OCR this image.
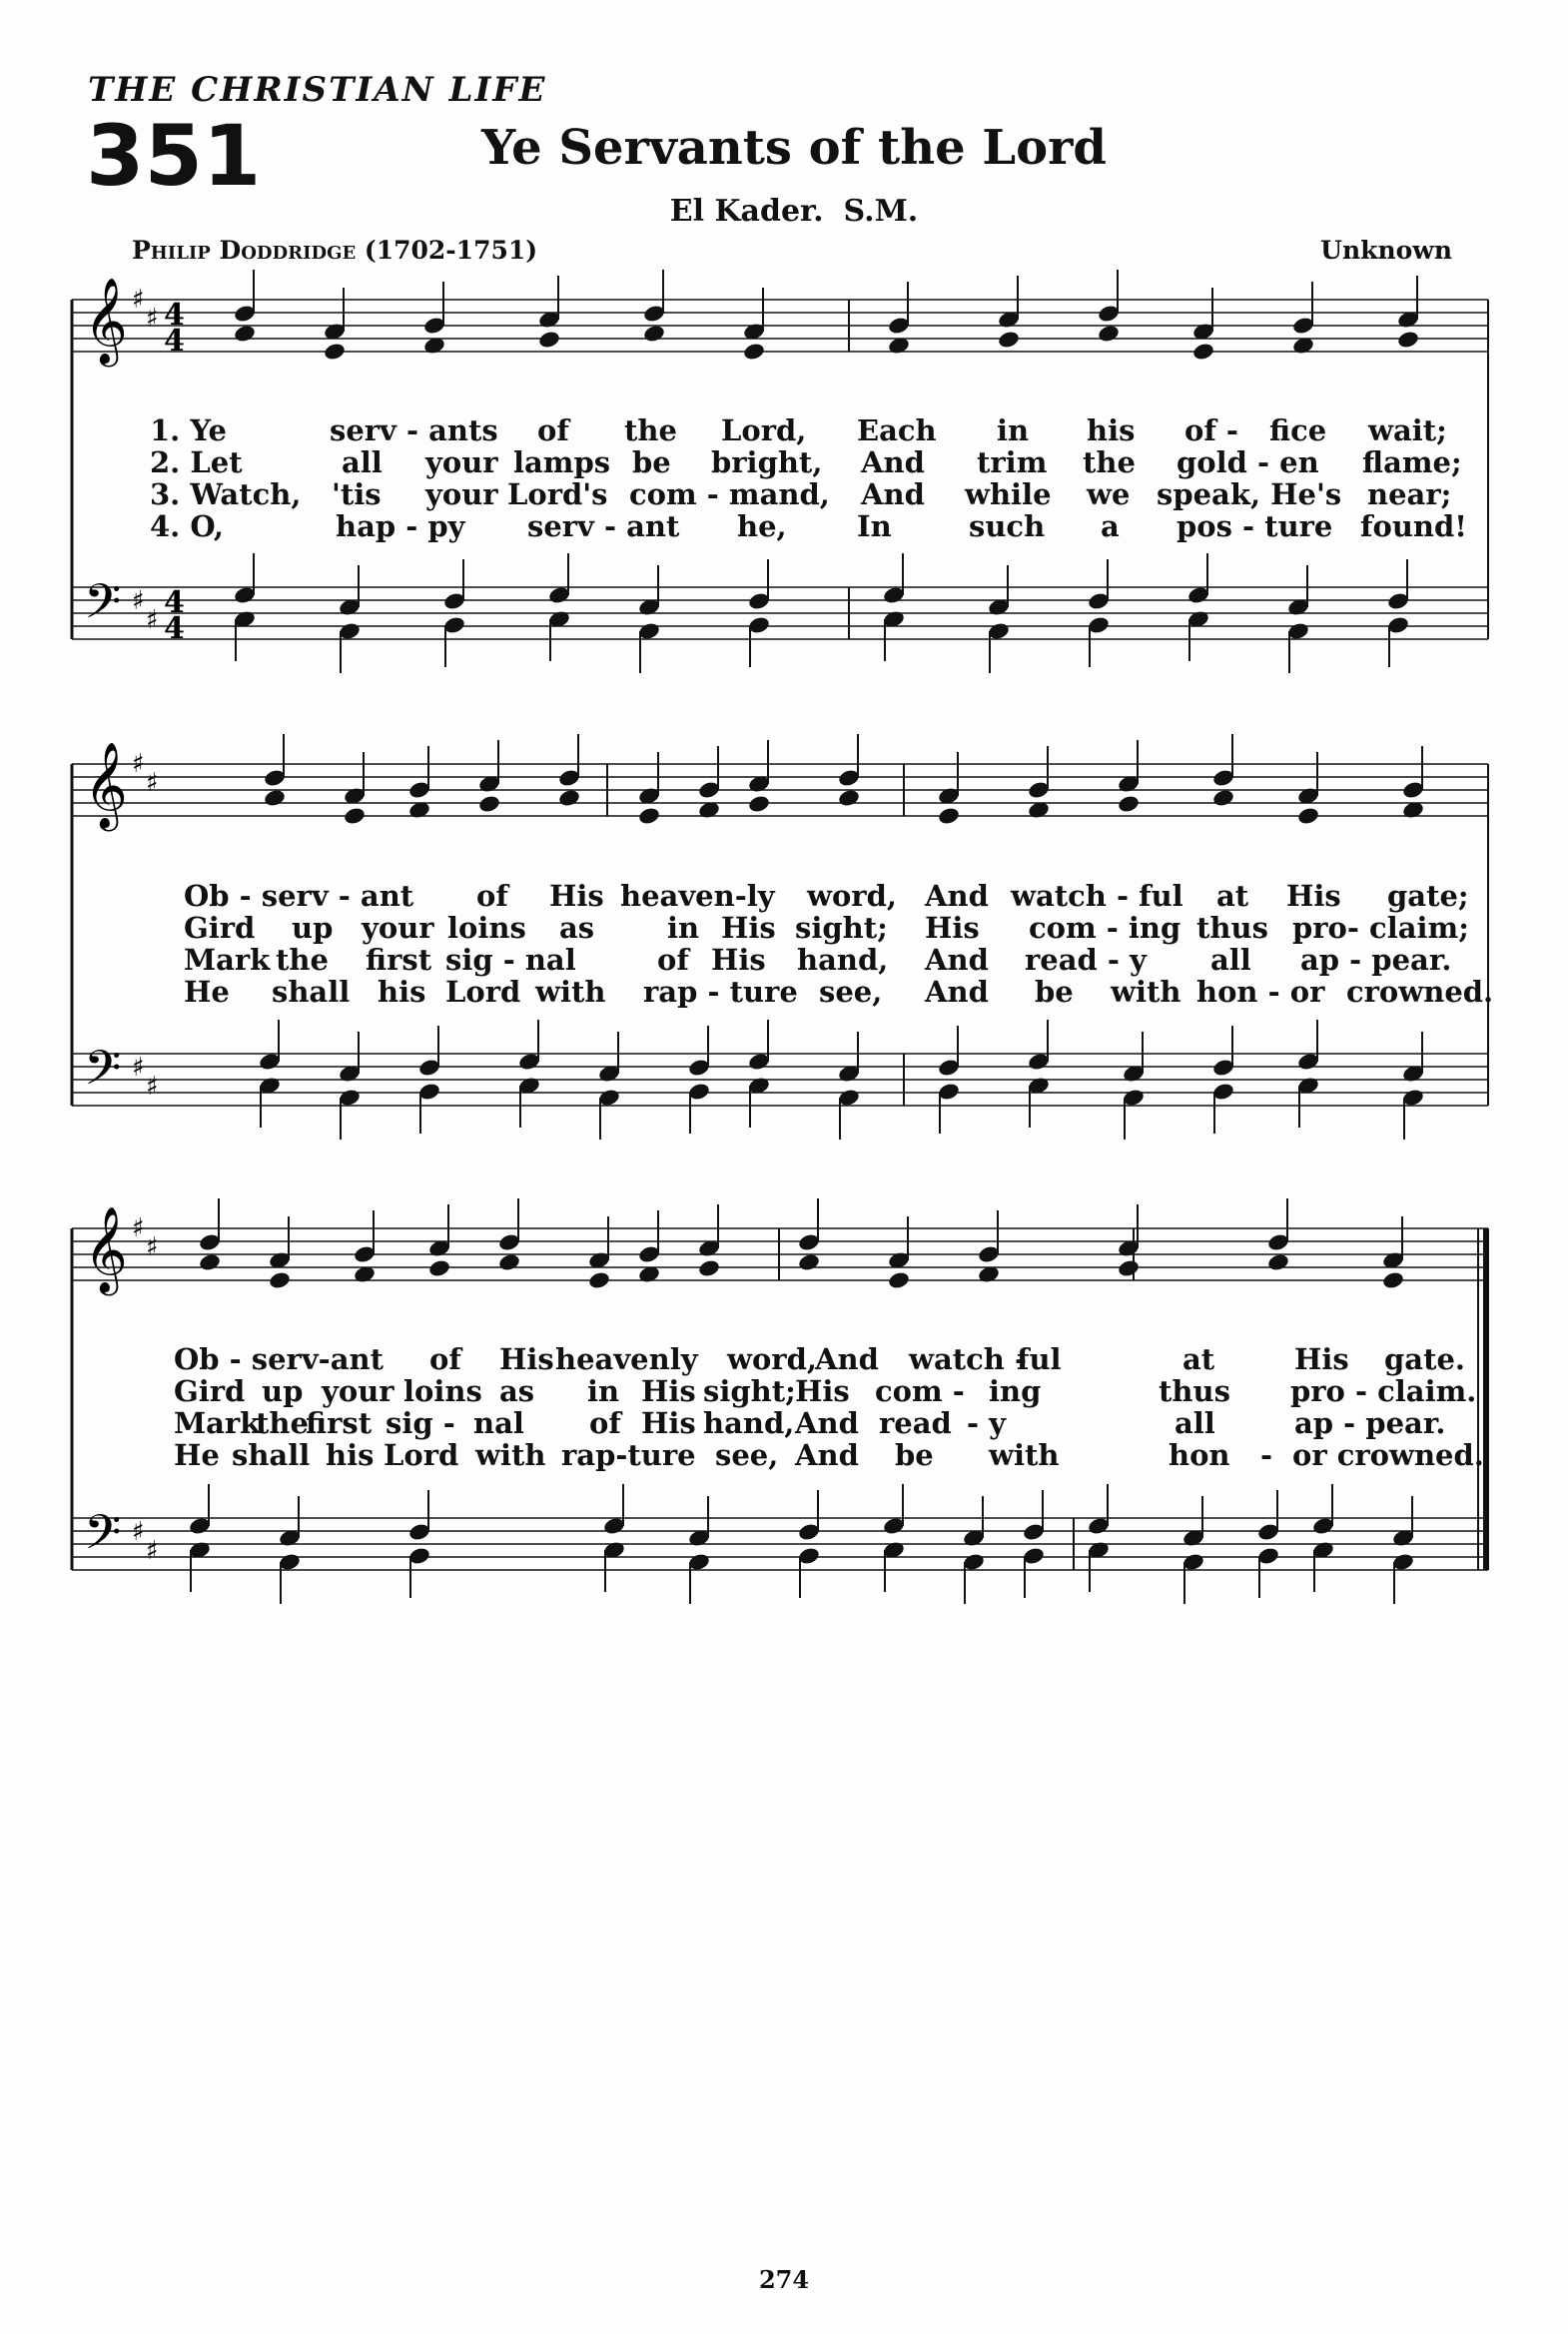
THE CHRISTIAN LIFE
351	Ye Servants of the Lord
El Kader. S.M.
Philip Doddridge (1702-1751)	Unknown
𝄞
𝄢
♯
♯
♯
♯
4
4
4
4
𝄞
𝄢
♯
♯
♯
♯
𝄞
𝄢
♯
♯
♯
♯
1. Ye	serv - ants of the Lord, Each in his of - fice wait;
2. Let	all your lamps be bright, And trim the gold - en flame;
3. Watch, 'tis your Lord's com - mand, And while we speak, He's near;
4. O,	hap - py serv - ant he, In	such a pos - ture found!
Ob - serv - ant of His heaven-ly word, And watch - ful at His gate;
Gird up your loins as	in His sight; His com - ing thus pro- claim;
Mark the first sig - nal	of His hand, And read - y all ap - pear.
He shall his Lord with rap - ture see, And be with hon - or crowned.
Ob - serv-ant of His heavenly word,
And watch -
ful	at	His gate.
Gird up your loins as in His sight; His com - ing	thus pro - claim.
Mark
the
first sig - nal of His hand, And read - y	all	ap - pear.
He shall his Lord with rap-ture see, And be with	hon - or crowned.
274
